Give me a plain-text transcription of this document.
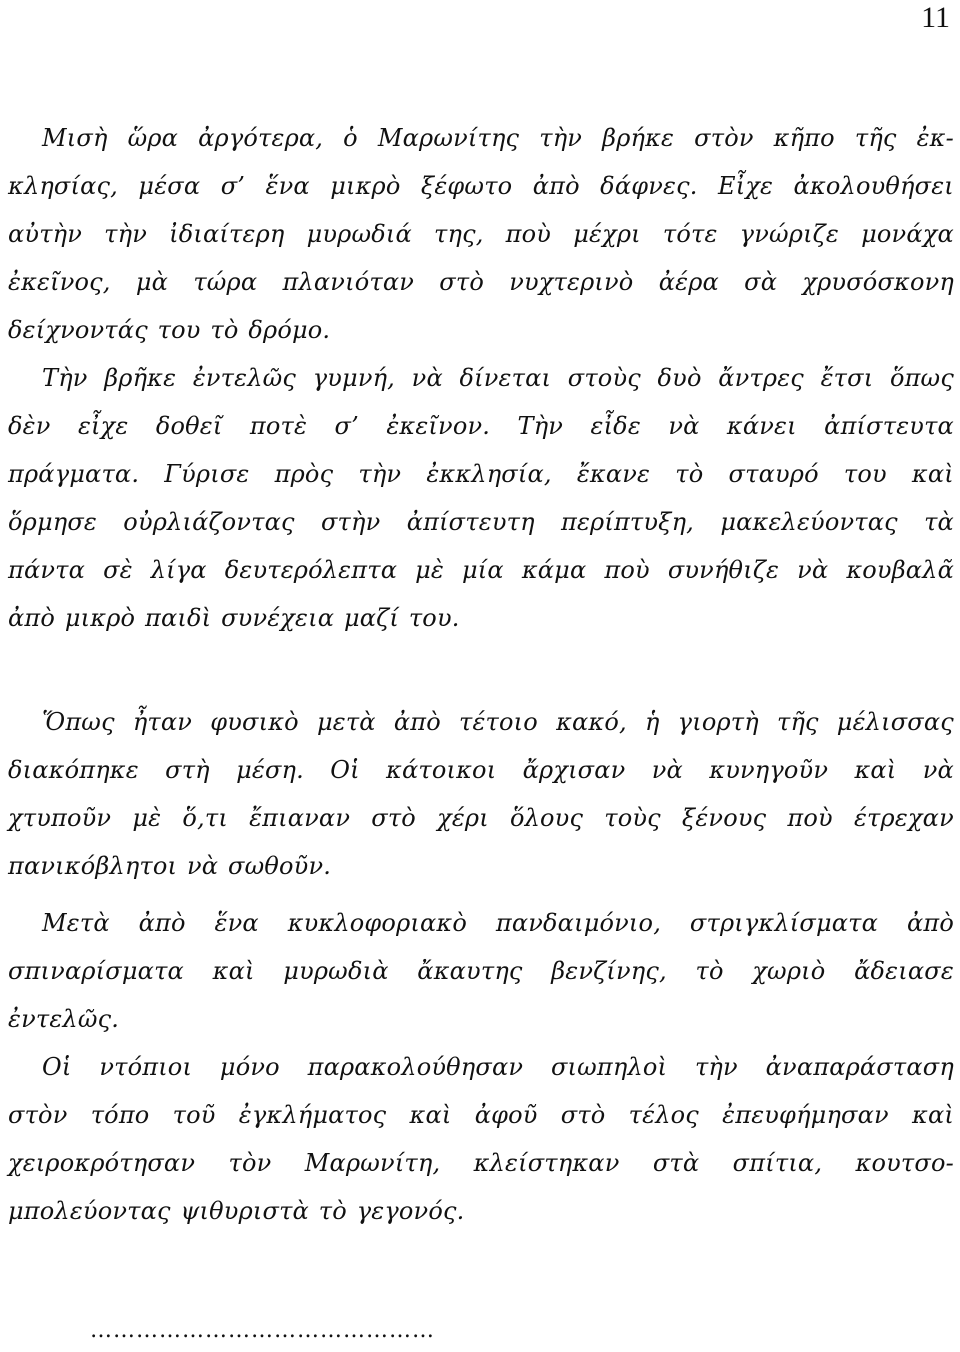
11
Μισὴ ὥρα ἀργότερα, ὁ Μαρωνίτης τὴν βρήκε στὸν κῆπο τῆς ἐκ-
κλησίας, μέσα σ’ ἕνα μικρὸ ξέφωτο ἀπὸ δάφνες. Εἶχε ἀκολουθήσει
αὐτὴν τὴν ἰδιαίτερη μυρωδιά της, ποὺ μέχρι τότε γνώριζε μονάχα
ἐκεῖνος, μὰ τώρα πλανιόταν στὸ νυχτερινὸ ἀέρα σὰ χρυσόσκονη
δείχνοντάς του τὸ δρόμο.
Τὴν βρῆκε ἐντελῶς γυμνή, νὰ δίνεται στοὺς δυὸ ἄντρες ἔτσι ὅπως
δὲν εἶχε δοθεῖ ποτὲ σ’ ἐκεῖνον. Τὴν εἶδε νὰ κάνει ἀπίστευτα
πράγματα. Γύρισε πρὸς τὴν ἐκκλησία, ἔκανε τὸ σταυρό του καὶ
ὅρμησε οὐρλιάζοντας στὴν ἀπίστευτη περίπτυξη, μακελεύοντας τὰ
πάντα σὲ λίγα δευτερόλεπτα μὲ μία κάμα ποὺ συνήθιζε νὰ κουβαλᾶ
ἀπὸ μικρὸ παιδὶ συνέχεια μαζί του.
Ὅπως ἦταν φυσικὸ μετὰ ἀπὸ τέτοιο κακό, ἡ γιορτὴ τῆς μέλισσας
διακόπηκε στὴ μέση. Οἱ κάτοικοι ἄρχισαν νὰ κυνηγοῦν καὶ νὰ
χτυποῦν μὲ ὅ,τι ἔπιαναν στὸ χέρι ὅλους τοὺς ξένους ποὺ έτρεχαν
πανικόβλητοι νὰ σωθοῦν.
Μετὰ ἀπὸ ἕνα κυκλοφοριακὸ πανδαιμόνιο, στριγκλίσματα ἀπὸ
σπιναρίσματα καὶ μυρωδιὰ ἄκαυτης βενζίνης, τὸ χωριὸ ἄδειασε
ἐντελῶς.
Οἱ ντόπιοι μόνο παρακολούθησαν σιωπηλοὶ τὴν ἀναπαράσταση
στὸν τόπο τοῦ ἐγκλήματος καὶ ἀφοῦ στὸ τέλος ἐπευφήμησαν καὶ
χειροκρότησαν τὸν Μαρωνίτη, κλείστηκαν στὰ σπίτια, κουτσο-
μπολεύοντας ψιθυριστὰ τὸ γεγονός.
………………………………………
